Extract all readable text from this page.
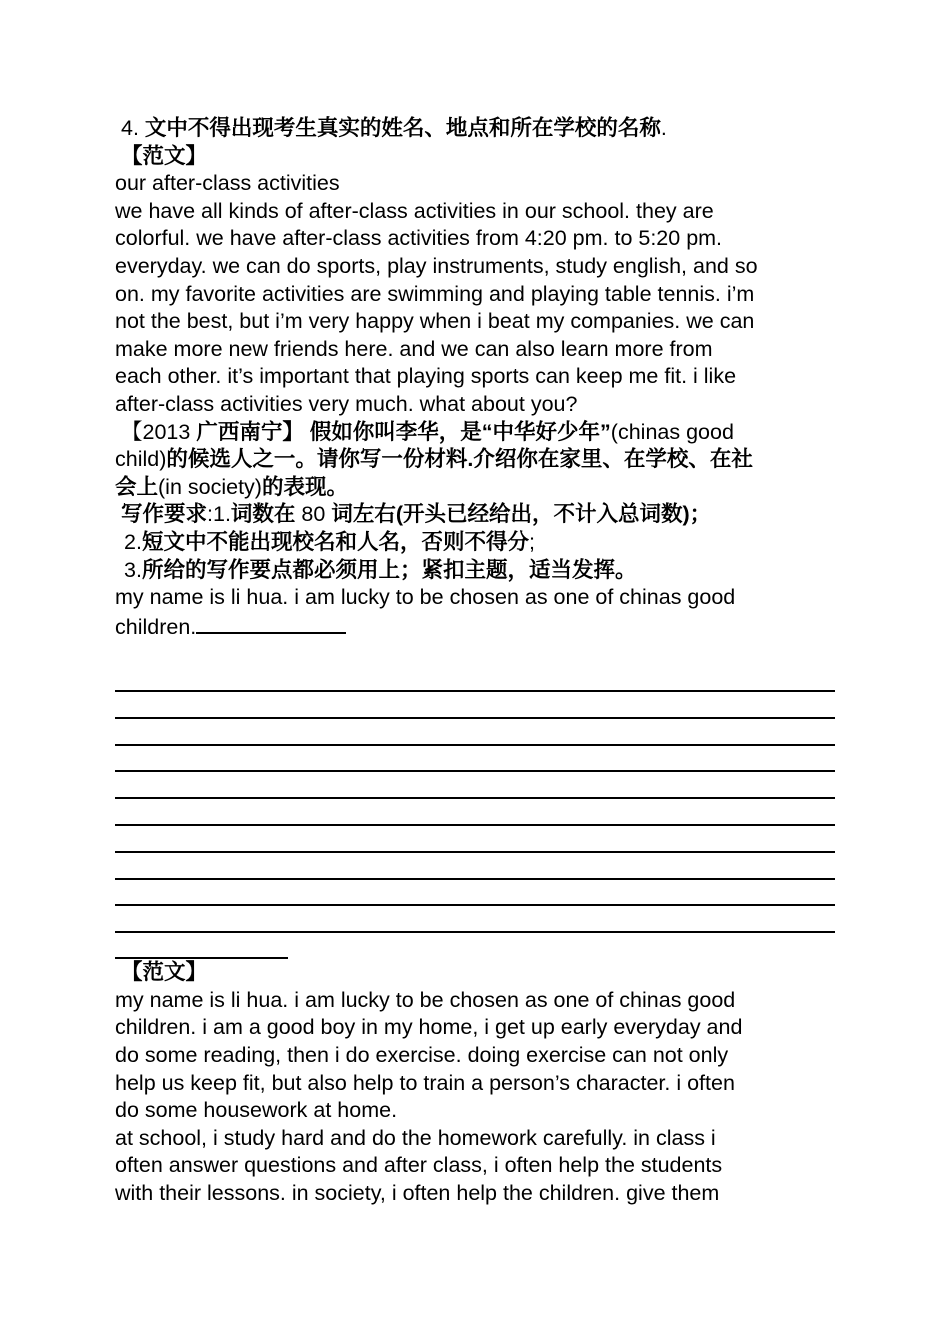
4. 文中不得出现考生真实的姓名、地点和所在学校的名称.
【范文】
our after-class activities
we have all kinds of after-class activities in our school. they are
colorful. we have after-class activities from 4:20 pm. to 5:20 pm.
everyday. we can do sports, play instruments, study english, and so
on. my favorite activities are swimming and playing table tennis. i’m
not the best, but i’m very happy when i beat my companies. we can
make more new friends here. and we can also learn more from
each other. it’s important that playing sports can keep me fit. i like
after-class activities very much. what about you?
【2013 广西南宁】 假如你叫李华，是“中华好少年”(chinas good
child)的候选人之一。请你写一份材料.介绍你在家里、在学校、在社
会上(in society)的表现。
写作要求:1.词数在 80 词左右(开头已经给出，不计入总词数)；
2.短文中不能出现校名和人名，否则不得分;
3.所给的写作要点都必须用上；紧扣主题，适当发挥。
my name is li hua. i am lucky to be chosen as one of chinas good
children.
【范文】
my name is li hua. i am lucky to be chosen as one of chinas good
children. i am a good boy in my home, i get up early everyday and
do some reading, then i do exercise. doing exercise can not only
help us keep fit, but also help to train a person’s character. i often
do some housework at home.
at school, i study hard and do the homework carefully. in class i
often answer questions and after class, i often help the students
with their lessons. in society, i often help the children. give them
